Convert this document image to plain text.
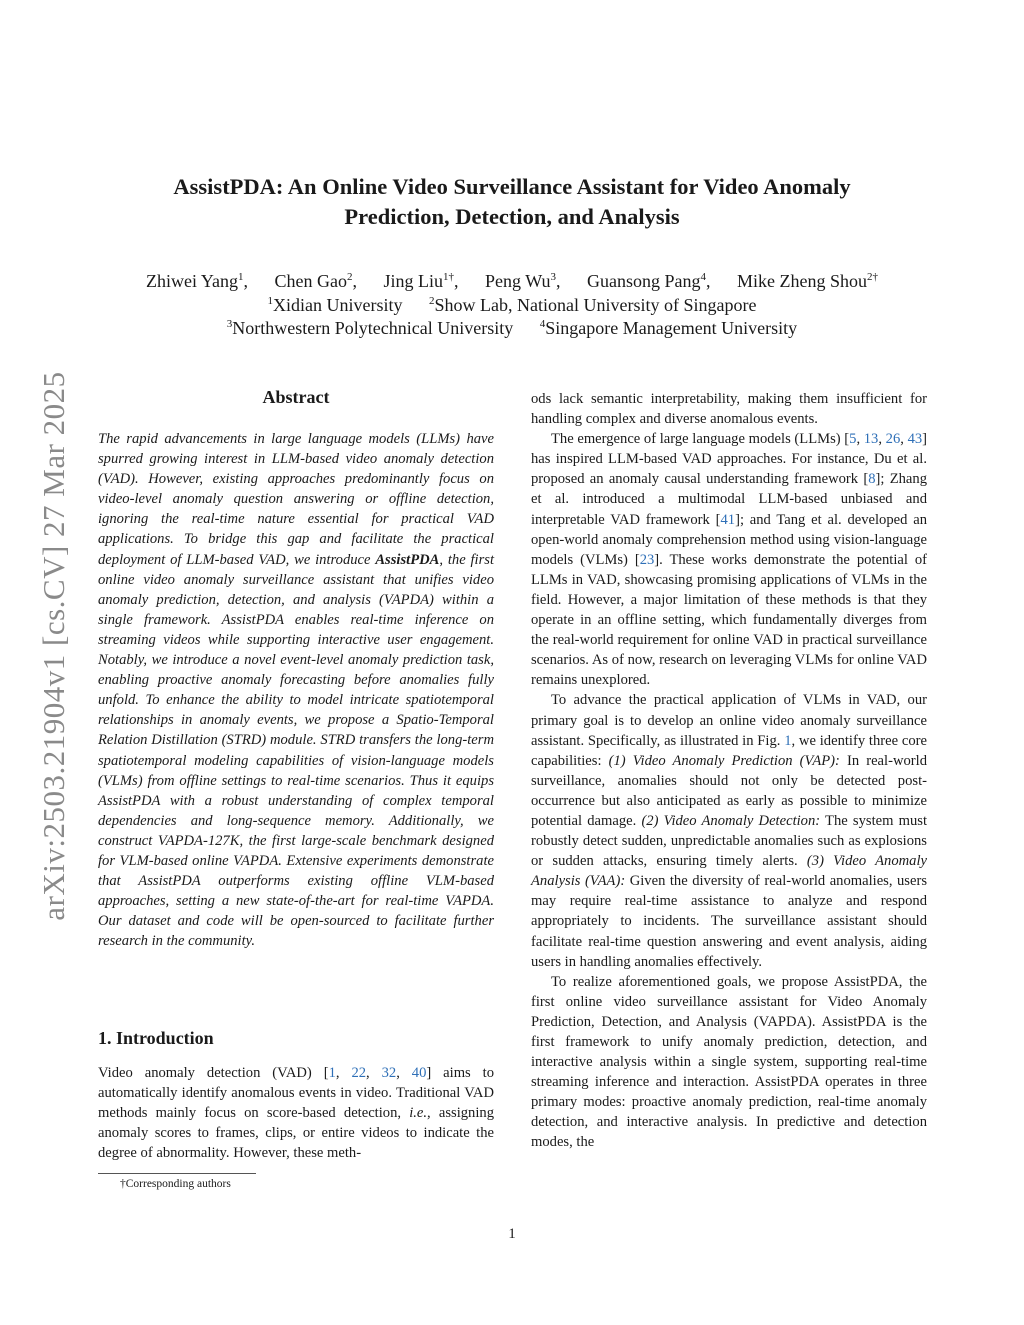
arXiv:2503.21904v1 [cs.CV] 27 Mar 2025
AssistPDA: An Online Video Surveillance Assistant for Video Anomaly
Prediction, Detection, and Analysis
Zhiwei Yang$^1$, Chen Gao$^2$, Jing Liu$^{1\dagger}$, Peng Wu$^3$, Guansong Pang$^4$, Mike Zheng Shou$^{2\dagger}$
$^1$Xidian University $^2$Show Lab, National University of Singapore
$^3$Northwestern Polytechnical University $^4$Singapore Management University
Abstract

The rapid advancements in large language models (LLMs) have spurred growing interest in LLM-based video anomaly detection (VAD). However, existing approaches predominantly focus on video-level anomaly question answering or offline detection, ignoring the real-time nature essential for practical VAD applications. To bridge this gap and facilitate the practical deployment of LLM-based VAD, we introduce AssistPDA, the first online video anomaly surveillance assistant that unifies video anomaly prediction, detection, and analysis (VAPDA) within a single framework. AssistPDA enables real-time inference on streaming videos while supporting interactive user engagement. Notably, we introduce a novel event-level anomaly prediction task, enabling proactive anomaly forecasting before anomalies fully unfold. To enhance the ability to model intricate spatiotemporal relationships in anomaly events, we propose a Spatio-Temporal Relation Distillation (STRD) module. STRD transfers the long-term spatiotemporal modeling capabilities of vision-language models (VLMs) from offline settings to real-time scenarios. Thus it equips AssistPDA with a robust understanding of complex temporal dependencies and long-sequence memory. Additionally, we construct VAPDA-127K, the first large-scale benchmark designed for VLM-based online VAPDA. Extensive experiments demonstrate that AssistPDA outperforms existing offline VLM-based approaches, setting a new state-of-the-art for real-time VAPDA. Our dataset and code will be open-sourced to facilitate further research in the community.

1. Introduction

Video anomaly detection (VAD) [1, 22, 32, 40] aims to automatically identify anomalous events in video. Traditional VAD methods mainly focus on score-based detection, i.e., assigning anomaly scores to frames, clips, or entire videos to indicate the degree of abnormality. However, these meth-

†Corresponding authors

ods lack semantic interpretability, making them insufficient for handling complex and diverse anomalous events.

The emergence of large language models (LLMs) [5, 13, 26, 43] has inspired LLM-based VAD approaches. For instance, Du et al. proposed an anomaly causal understanding framework [8]; Zhang et al. introduced a multimodal LLM-based unbiased and interpretable VAD framework [41]; and Tang et al. developed an open-world anomaly comprehension method using vision-language models (VLMs) [23]. These works demonstrate the potential of LLMs in VAD, showcasing promising applications of VLMs in the field. However, a major limitation of these methods is that they operate in an offline setting, which fundamentally diverges from the real-world requirement for online VAD in practical surveillance scenarios. As of now, research on leveraging VLMs for online VAD remains unexplored.

To advance the practical application of VLMs in VAD, our primary goal is to develop an online video anomaly surveillance assistant. Specifically, as illustrated in Fig. 1, we identify three core capabilities: (1) Video Anomaly Prediction (VAP): In real-world surveillance, anomalies should not only be detected post-occurrence but also anticipated as early as possible to minimize potential damage. (2) Video Anomaly Detection: The system must robustly detect sudden, unpredictable anomalies such as explosions or sudden attacks, ensuring timely alerts. (3) Video Anomaly Analysis (VAA): Given the diversity of real-world anomalies, users may require real-time assistance to analyze and respond appropriately to incidents. The surveillance assistant should facilitate real-time question answering and event analysis, aiding users in handling anomalies effectively.

To realize aforementioned goals, we propose AssistPDA, the first online video surveillance assistant for Video Anomaly Prediction, Detection, and Analysis (VAPDA). AssistPDA is the first framework to unify anomaly prediction, detection, and interactive analysis within a single system, supporting real-time streaming inference and interaction. AssistPDA operates in three primary modes: proactive anomaly prediction, real-time anomaly detection, and interactive analysis. In predictive and detection modes, the

1
